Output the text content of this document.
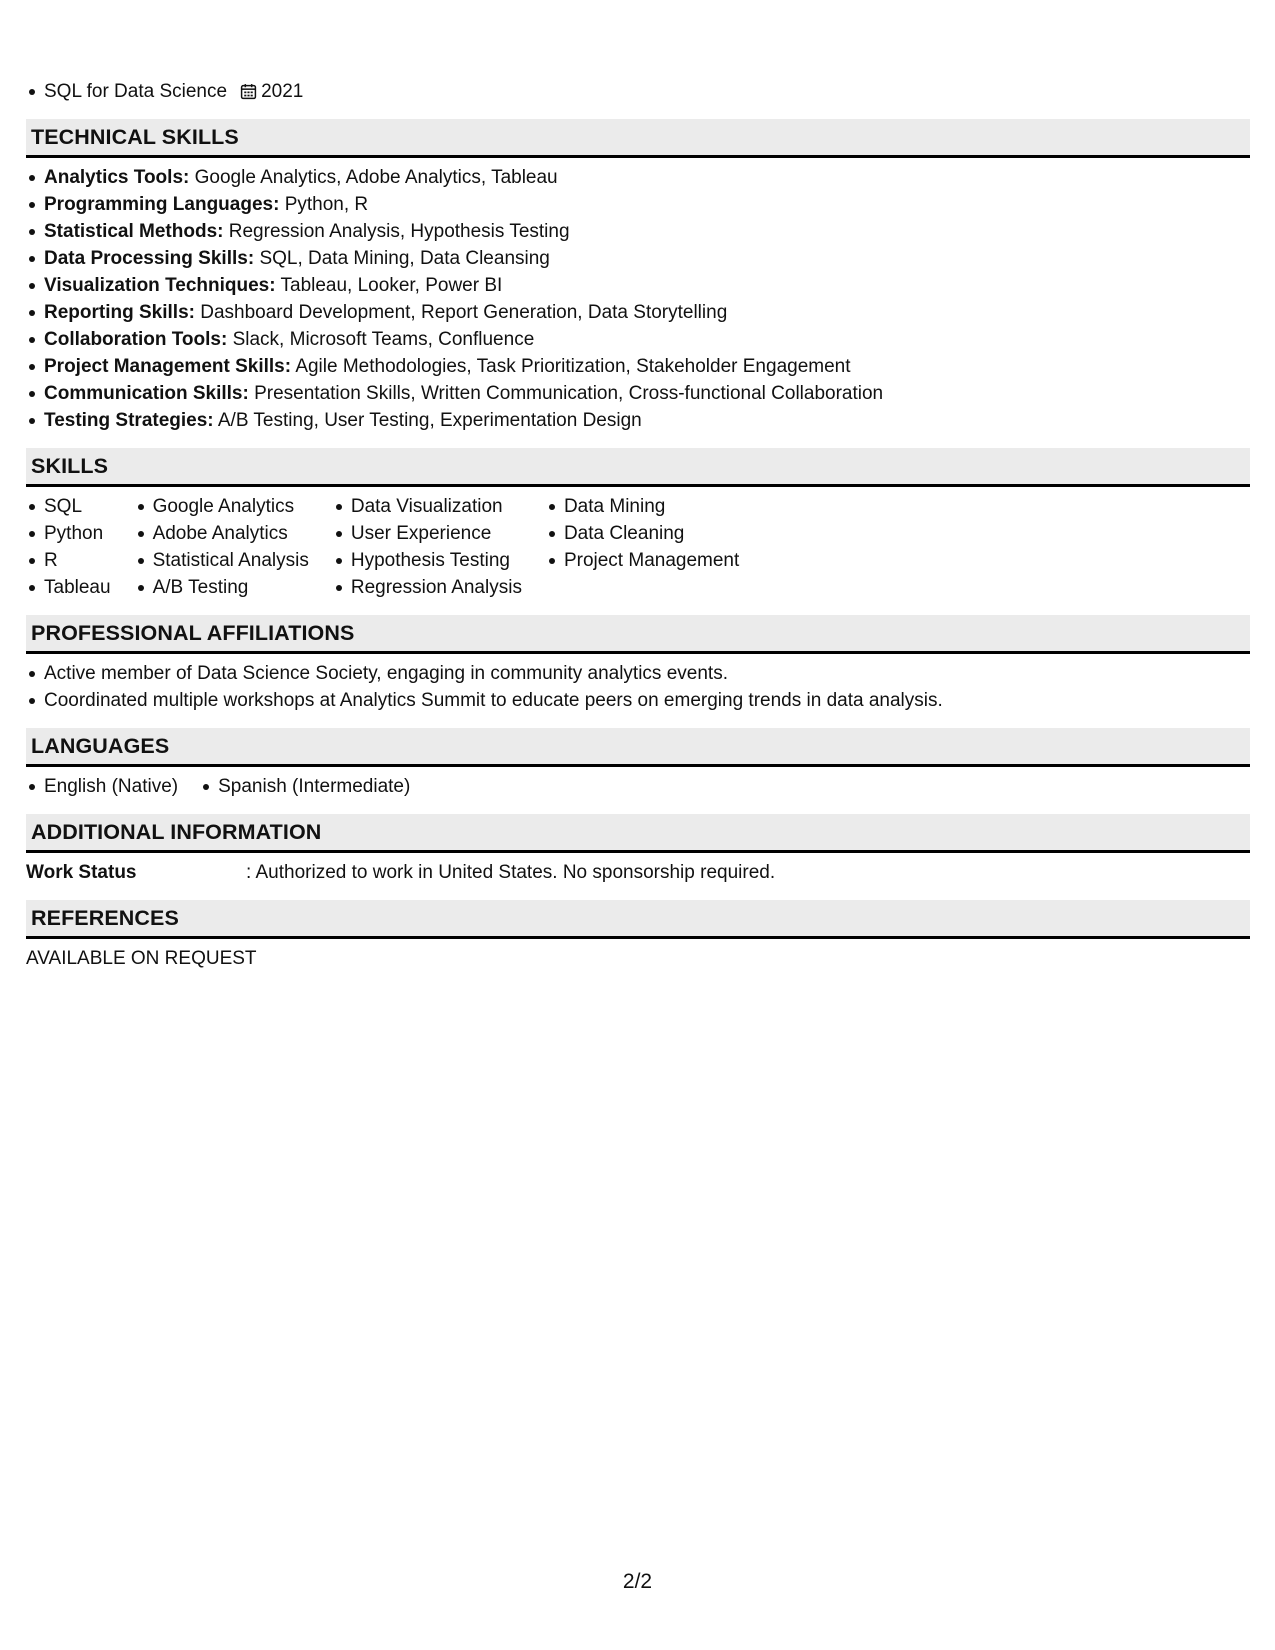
SQL for Data Science 2021
TECHNICAL SKILLS
Analytics Tools: Google Analytics, Adobe Analytics, Tableau
Programming Languages: Python, R
Statistical Methods: Regression Analysis, Hypothesis Testing
Data Processing Skills: SQL, Data Mining, Data Cleansing
Visualization Techniques: Tableau, Looker, Power BI
Reporting Skills: Dashboard Development, Report Generation, Data Storytelling
Collaboration Tools: Slack, Microsoft Teams, Confluence
Project Management Skills: Agile Methodologies, Task Prioritization, Stakeholder Engagement
Communication Skills: Presentation Skills, Written Communication, Cross-functional Collaboration
Testing Strategies: A/B Testing, User Testing, Experimentation Design
SKILLS
SQL
Python
R
Tableau
Google Analytics
Adobe Analytics
Statistical Analysis
A/B Testing
Data Visualization
User Experience
Hypothesis Testing
Regression Analysis
Data Mining
Data Cleaning
Project Management
PROFESSIONAL AFFILIATIONS
Active member of Data Science Society, engaging in community analytics events.
Coordinated multiple workshops at Analytics Summit to educate peers on emerging trends in data analysis.
LANGUAGES
English (Native)	Spanish (Intermediate)
ADDITIONAL INFORMATION
Work Status	: Authorized to work in United States. No sponsorship required.
REFERENCES
AVAILABLE ON REQUEST
2/2
